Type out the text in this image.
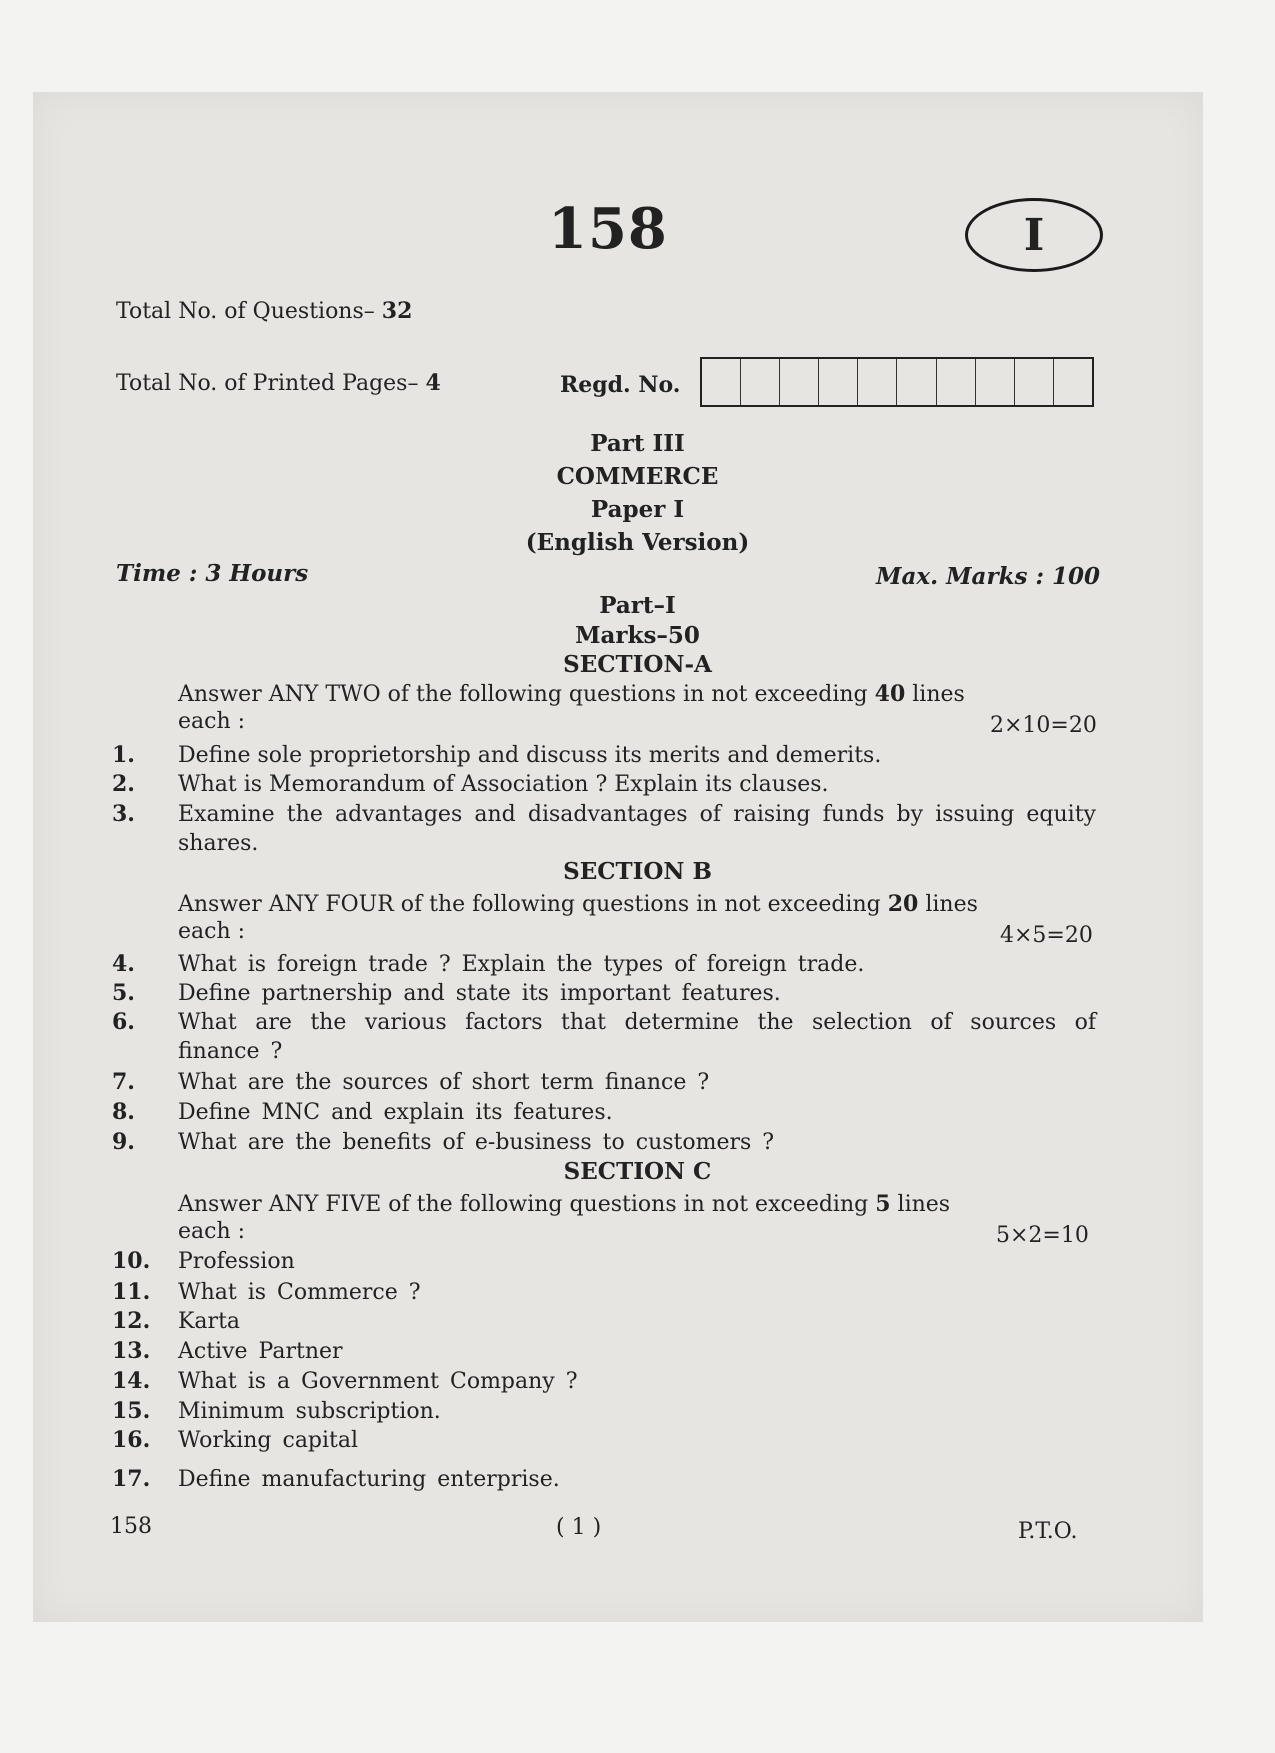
158	I
Total No. of Questions– 32
Total No. of Printed Pages– 4	Regd. No.
Part III
COMMERCE
Paper I
(English Version)
Time : 3 Hours	Max. Marks : 100
Part–I
Marks–50
SECTION-A
Answer ANY TWO of the following questions in not exceeding 40 lines
each :	2×10=20
1. Define sole proprietorship and discuss its merits and demerits.
2. What is Memorandum of Association ? Explain its clauses.
3. Examine the advantages and disadvantages of raising funds by issuing equity shares.
SECTION B
Answer ANY FOUR of the following questions in not exceeding 20 lines
each :	4×5=20
4. What is foreign trade ? Explain the types of foreign trade.
5. Define partnership and state its important features.
6. What are the various factors that determine the selection of sources of finance ?
7. What are the sources of short term finance ?
8. Define MNC and explain its features.
9. What are the benefits of e-business to customers ?
SECTION C
Answer ANY FIVE of the following questions in not exceeding 5 lines
each :	5×2=10
10. Profession
11. What is Commerce ?
12. Karta
13. Active Partner
14. What is a Government Company ?
15. Minimum subscription.
16. Working capital
17. Define manufacturing enterprise.
158	( 1 )	P.T.O.
